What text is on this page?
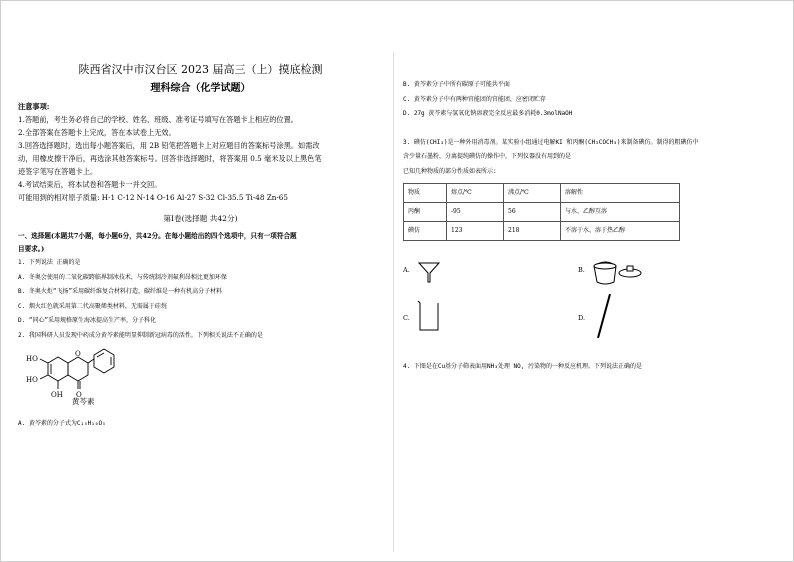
陕西省汉中市汉台区 2023 届高三（上）摸底检测
理科综合（化学试题）
注意事项:
1.答题前，考生务必将自己的学校、姓名、班级、准考证号填写在答题卡上相应的位置。
2.全部答案在答题卡上完成，答在本试卷上无效。
3.回答选择题时，选出每小题答案后，用 2B 铅笔把答题卡上对应题目的答案标号涂黑。如需改
动，用橡皮擦干净后，再选涂其他答案标号。回答非选择题时，将答案用 0.5 毫米及以上黑色笔
迹签字笔写在答题卡上。
4.考试结束后，将本试卷和答题卡一并交回。
可能用到的相对原子质量: H-1 C-12 N-14 O-16 Al-27 S-32 Cl-35.5 Ti-48 Zn-65
第Ⅰ卷(选择题 共42分)
一、选择题(本题共7小题，每小题6分，共42分。在每小题给出的四个选项中，只有一项符合题
目要求。)
1. 下列说法 正确的是
A. 冬奥会使用的二氧化碳跨临界制冰技术，与传统制冷剂氟利昂相比更加环保
B. 冬奥火炬“飞扬”采用碳纤维复合材料打造，碳纤维是一种有机高分子材料
C. 烟火红色就采用第二代高聚烯类材料，无需属于硅烷
D. “同心”采用规格原生海冰提高生产率，分子科化
2. 我国科研人员发现中药成分黄芩素能明显抑制新冠病毒的活性。下列相关说法不正确的是
HO
HO
OH
O
O
黄芩素
A. 黄芩素的分子式为C₁₅H₁₀O₅
B. 黄芩素分子中所有碳原子可能共平面
C. 黄芩素分子中有两种官能团的官能团，应密闭贮存
D. 27g 黄芩素与氢氧化钠溶液完全反应最多消耗0.3molNaOH
3. 碘仿(CHI₃)是一种外用消毒剂。某实验小组通过电解KI 和丙酮(CH₃COCH₃)来制备碘仿。制得的粗碘仿中
含少量石墨粉，分离提纯碘仿的操作中，下列仪器没有用到的是
已知几种物质的部分性质如表所示:
物质	熔点/℃	沸点/℃	溶解性
丙酮	-95	56	与水、乙醇互溶
碘仿	123	218	不溶于水，溶于热乙醇
A.	B.
C.	D.
4. 下图是在Cu基分子筛表面用NH₃处理 NO, 污染物的一种反应机理。下列说法正确的是
